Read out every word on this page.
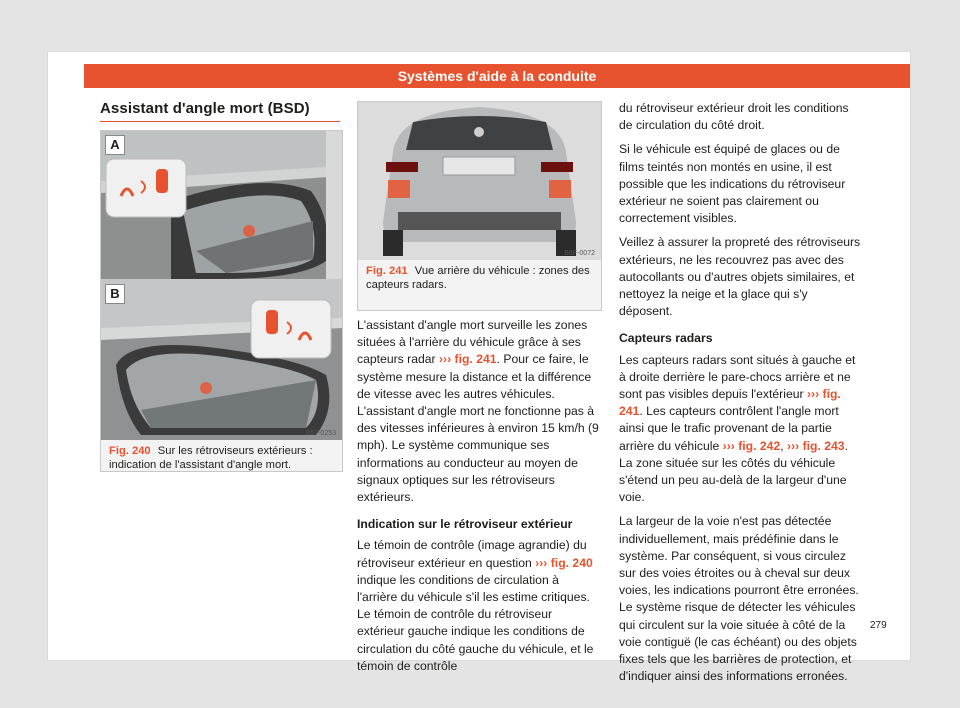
Systèmes d'aide à la conduite
Assistant d'angle mort (BSD)
A
B
B57-0253
Fig. 240 Sur les rétroviseurs extérieurs : indication de l'assistant d'angle mort.
B6F-0072
Fig. 241 Vue arrière du véhicule : zones des capteurs radars.

L'assistant d'angle mort surveille les zones situées à l'arrière du véhicule grâce à ses capteurs radar ››› fig. 241. Pour ce faire, le système mesure la distance et la différence de vitesse avec les autres véhicules. L'assistant d'angle mort ne fonctionne pas à des vitesses inférieures à environ 15 km/h (9 mph). Le système communique ses informations au conducteur au moyen de signaux optiques sur les rétroviseurs extérieurs.

Indication sur le rétroviseur extérieur

Le témoin de contrôle (image agrandie) du rétroviseur extérieur en question ››› fig. 240 indique les conditions de circulation à l'arrière du véhicule s'il les estime critiques. Le témoin de contrôle du rétroviseur extérieur gauche indique les conditions de circulation du côté gauche du véhicule, et le témoin de contrôle

du rétroviseur extérieur droit les conditions de circulation du côté droit.

Si le véhicule est équipé de glaces ou de films teintés non montés en usine, il est possible que les indications du rétroviseur extérieur ne soient pas clairement ou correctement visibles.

Veillez à assurer la propreté des rétroviseurs extérieurs, ne les recouvrez pas avec des autocollants ou d'autres objets similaires, et nettoyez la neige et la glace qui s'y déposent.

Capteurs radars

Les capteurs radars sont situés à gauche et à droite derrière le pare-chocs arrière et ne sont pas visibles depuis l'extérieur ››› fig. 241. Les capteurs contrôlent l'angle mort ainsi que le trafic provenant de la partie arrière du véhicule ››› fig. 242, ››› fig. 243. La zone située sur les côtés du véhicule s'étend un peu au-delà de la largeur d'une voie.

La largeur de la voie n'est pas détectée individuellement, mais prédéfinie dans le système. Par conséquent, si vous circulez sur des voies étroites ou à cheval sur deux voies, les indications pourront être erronées. Le système risque de détecter les véhicules qui circulent sur la voie située à côté de la voie contiguë (le cas échéant) ou des objets fixes tels que les barrières de protection, et d'indiquer ainsi des informations erronées.

279
